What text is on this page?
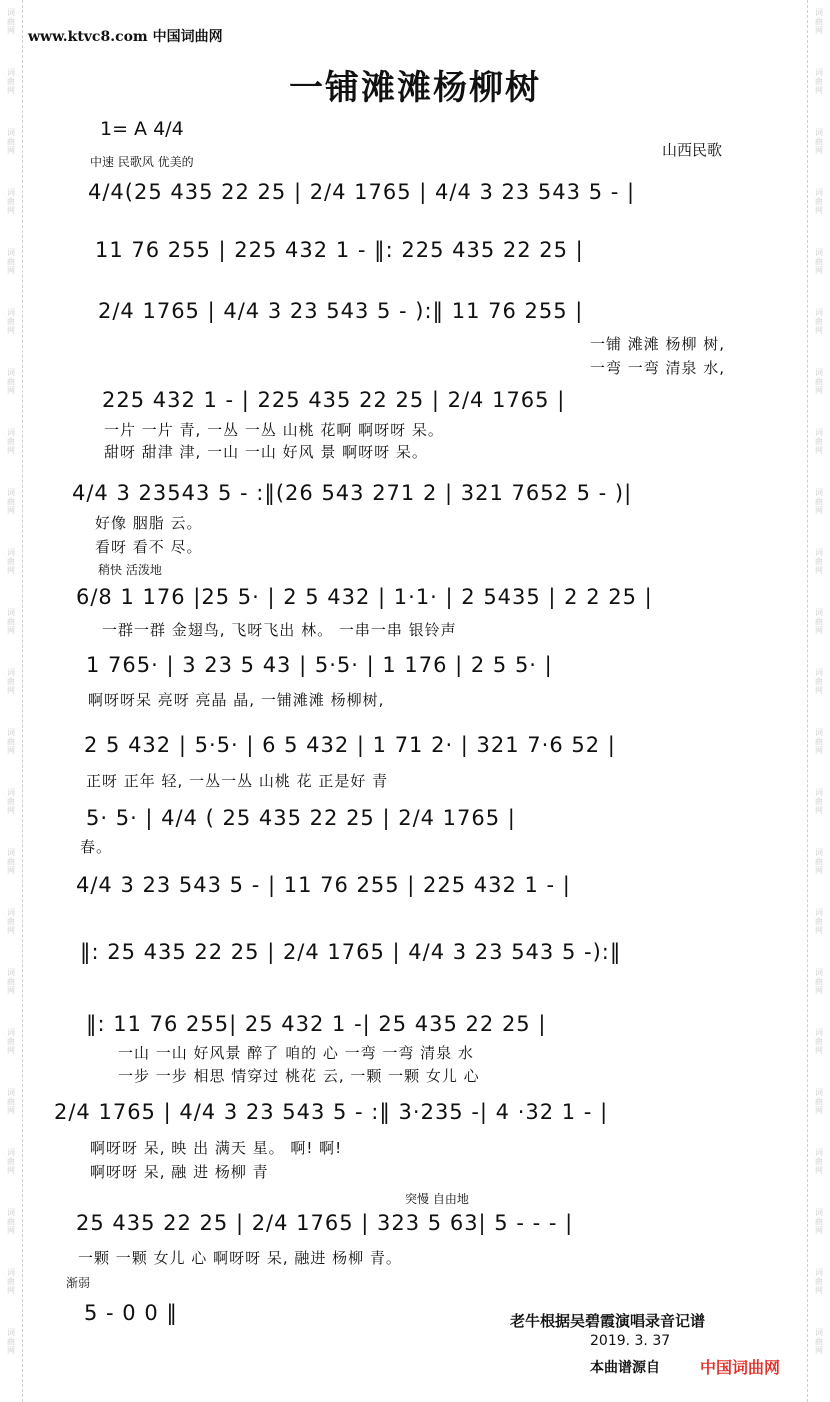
词
曲
网
词
曲
网
词
曲
网
词
曲
网
词
曲
网
词
曲
网
词
曲
网
词
曲
网
词
曲
网
词
曲
网
词
曲
网
词
曲
网
词
曲
网
词
曲
网
词
曲
网
词
曲
网
词
曲
网
词
曲
网
词
曲
网
词
曲
网
词
曲
网
词
曲
网
词
曲
网
词
曲
网
词
曲
网
词
曲
网
词
曲
网
词
曲
网
词
曲
网
词
曲
网
词
曲
网
词
曲
网
词
曲
网
词
曲
网
词
曲
网
词
曲
网
词
曲
网
词
曲
网
词
曲
网
词
曲
网
词
曲
网
词
曲
网
词
曲
网
词
曲
网
词
曲
网
词
曲
网
www.ktvc8.com 中国词曲网
一铺滩滩杨柳树
1= A 4/4
山西民歌
中速 民歌风 优美的
稍快 活泼地
突慢 自由地
渐弱
4/4(25 435 22 25 | 2/4 1765 | 4/4 3 23 543 5 - |
11 76 255 | 225 432 1 - ‖: 225 435 22 25 |
2/4 1765 | 4/4 3 23 543 5 - ):‖ 11 76 255 |
一铺 滩滩 杨柳 树,
一弯 一弯 清泉 水,
225 432 1 - | 225 435 22 25 | 2/4 1765 |
一片 一片 青, 一丛 一丛 山桃 花啊 啊呀呀 呆。
甜呀 甜津 津, 一山 一山 好风 景 啊呀呀 呆。
4/4 3 23543 5 - :‖(26 543 271 2 | 321 7652 5 - )|
好像 胭脂 云。
看呀 看不 尽。
6/8 1 176 |25 5· | 2 5 432 | 1·1· | 2 5435 | 2 2 25 |
一群一群 金翅鸟, 飞呀飞出 林。 一串一串 银铃声
1 765· | 3 23 5 43 | 5·5· | 1 176 | 2 5 5· |
啊呀呀呆 亮呀 亮晶 晶, 一铺滩滩 杨柳树,
2 5 432 | 5·5· | 6 5 432 | 1 71 2· | 321 7·6 52 |
正呀 正年 轻, 一丛一丛 山桃 花 正是好 青
5· 5· | 4/4 ( 25 435 22 25 | 2/4 1765 |
春。
4/4 3 23 543 5 - | 11 76 255 | 225 432 1 - |
‖: 25 435 22 25 | 2/4 1765 | 4/4 3 23 543 5 -):‖
‖: 11 76 255| 25 432 1 -| 25 435 22 25 |
一山 一山 好风景 醉了 咱的 心 一弯 一弯 清泉 水
一步 一步 相思 情穿过 桃花 云, 一颗 一颗 女儿 心
2/4 1765 | 4/4 3 23 543 5 - :‖ 3·235 -| 4 ·32 1 - |
啊呀呀 呆, 映 出 满天 星。 啊! 啊!
啊呀呀 呆, 融 进 杨柳 青
25 435 22 25 | 2/4 1765 | 323 5 63| 5 - - - |
一颗 一颗 女儿 心 啊呀呀 呆, 融进 杨柳 青。
5 - 0 0 ‖	老牛根据吴碧霞演唱录音记谱
2019. 3. 37
本曲谱源自	中国词曲网
